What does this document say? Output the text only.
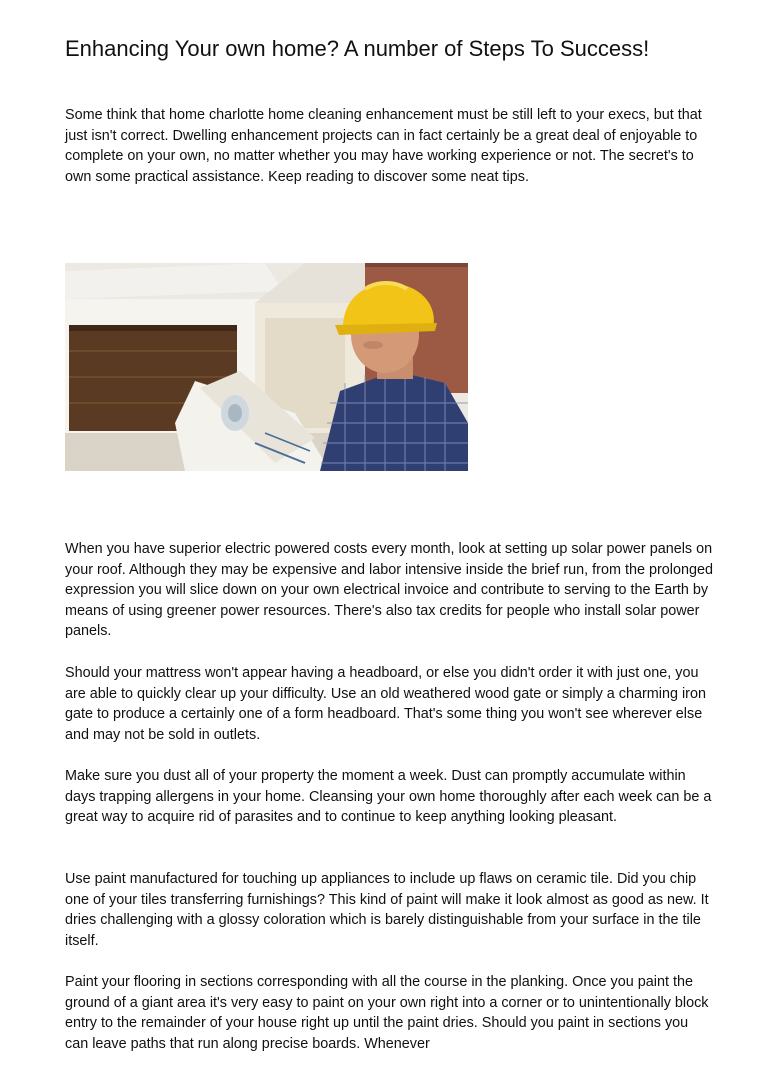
Enhancing Your own home? A number of Steps To Success!

Some think that home charlotte home cleaning enhancement must be still left to your execs, but that just isn't correct. Dwelling enhancement projects can in fact certainly be a great deal of enjoyable to complete on your own, no matter whether you may have working experience or not. The secret's to own some practical assistance. Keep reading to discover some neat tips.

When you have superior electric powered costs every month, look at setting up solar power panels on your roof. Although they may be expensive and labor intensive inside the brief run, from the prolonged expression you will slice down on your own electrical invoice and contribute to serving to the Earth by means of using greener power resources. There's also tax credits for people who install solar power panels.

Should your mattress won't appear having a headboard, or else you didn't order it with just one, you are able to quickly clear up your difficulty. Use an old weathered wood gate or simply a charming iron gate to produce a certainly one of a form headboard. That's some thing you won't see wherever else and may not be sold in outlets.

Make sure you dust all of your property the moment a week. Dust can promptly accumulate within days trapping allergens in your home. Cleansing your own home thoroughly after each week can be a great way to acquire rid of parasites and to continue to keep anything looking pleasant.

Use paint manufactured for touching up appliances to include up flaws on ceramic tile. Did you chip one of your tiles transferring furnishings? This kind of paint will make it look almost as good as new. It dries challenging with a glossy coloration which is barely distinguishable from your surface in the tile itself.

Paint your flooring in sections corresponding with all the course in the planking. Once you paint the ground of a giant area it's very easy to paint on your own right into a corner or to unintentionally block entry to the remainder of your house right up until the paint dries. Should you paint in sections you can leave paths that run along precise boards. Whenever
